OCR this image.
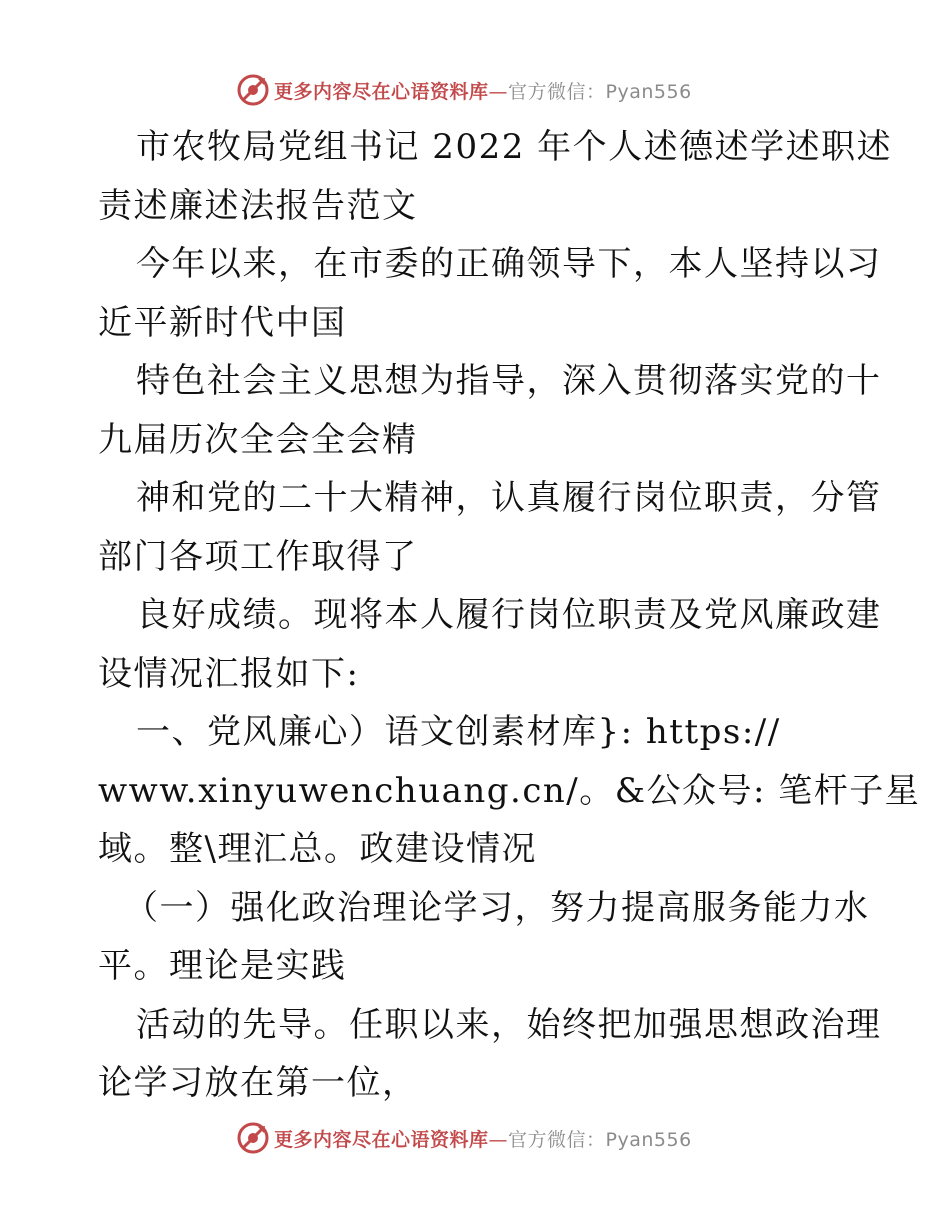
更多内容尽在心语资料库—官方微信：Pyan556

市农牧局党组书记 2022 年个人述德述学述职述

责述廉述法报告范文

今年以来，在市委的正确领导下，本人坚持以习

近平新时代中国

特色社会主义思想为指导，深入贯彻落实党的十

九届历次全会全会精

神和党的二十大精神，认真履行岗位职责，分管

部门各项工作取得了

良好成绩。现将本人履行岗位职责及党风廉政建

设情况汇报如下:

一、党风廉心）语文创素材库}: https://

www.xinyuwenchuang.cn/。&公众号: 笔杆子星

域。整\理汇总。政建设情况

（一）强化政治理论学习，努力提高服务能力水

平。理论是实践

活动的先导。任职以来，始终把加强思想政治理

论学习放在第一位，

更多内容尽在心语资料库—官方微信：Pyan556
